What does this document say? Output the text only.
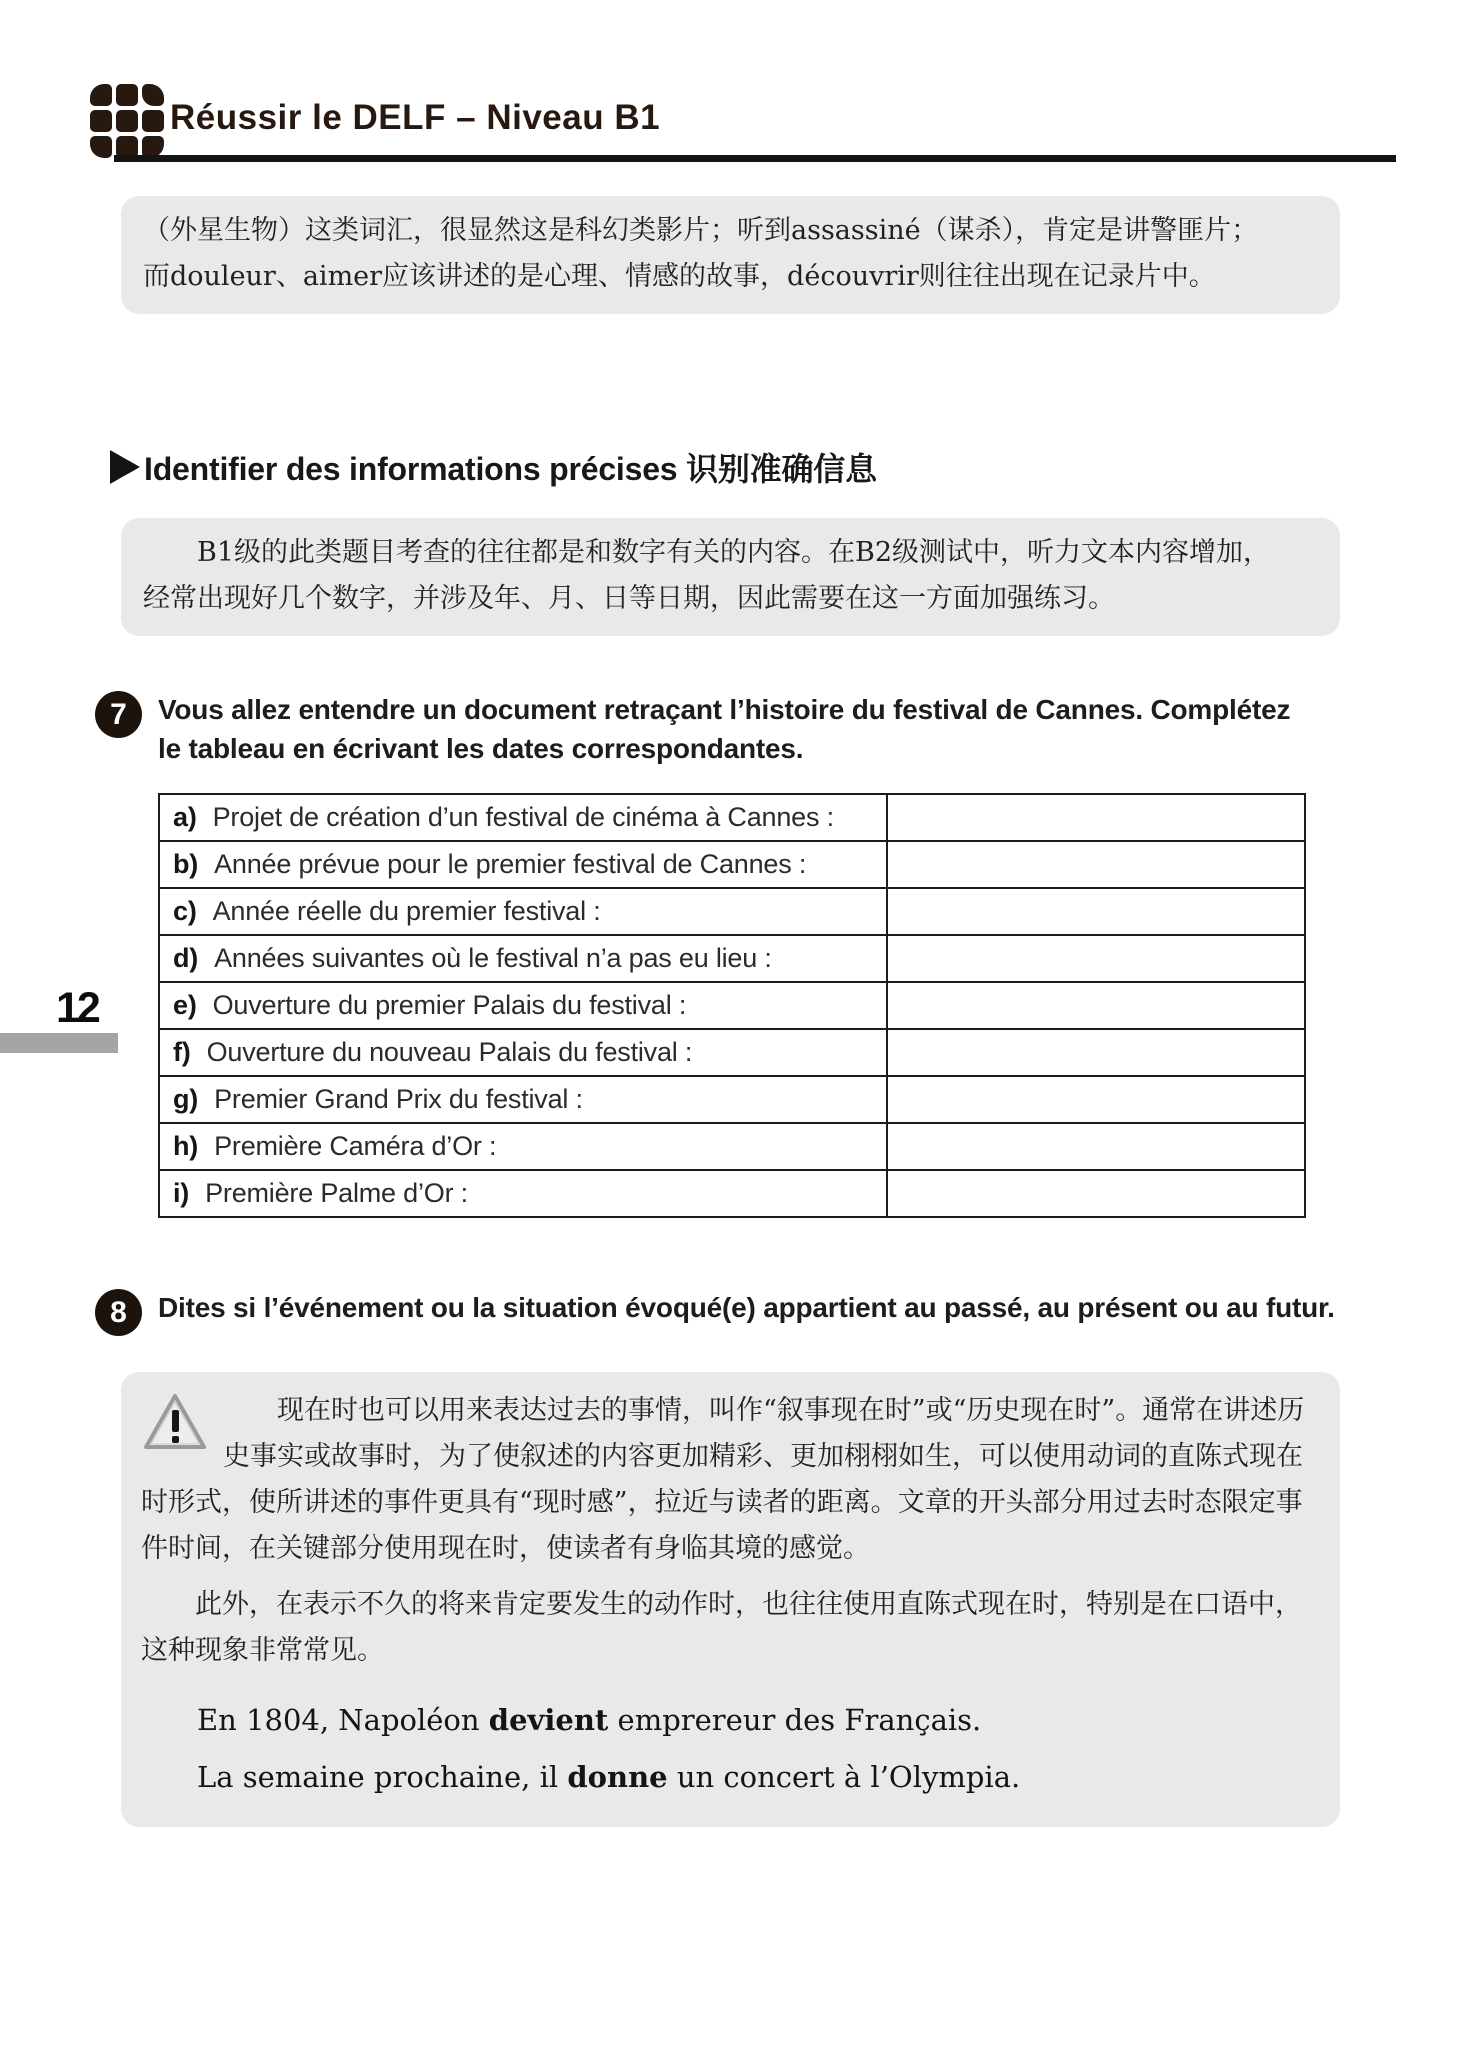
Réussir le DELF – Niveau B1
（外星生物）这类词汇，很显然这是科幻类影片；听到assassiné（谋杀），肯定是讲警匪片；
而douleur、aimer应该讲述的是心理、情感的故事，découvrir则往往出现在记录片中。
Identifier des informations précises 识别准确信息
B1级的此类题目考查的往往都是和数字有关的内容。在B2级测试中，听力文本内容增加，
经常出现好几个数字，并涉及年、月、日等日期，因此需要在这一方面加强练习。
7	Vous allez entendre un document retraçant l’histoire du festival de Cannes. Complétez le tableau en écrivant les dates correspondantes.
a) Projet de création d’un festival de cinéma à Cannes :	
b) Année prévue pour le premier festival de Cannes :	
c) Année réelle du premier festival :	
d) Années suivantes où le festival n’a pas eu lieu :	
e) Ouverture du premier Palais du festival :	
f) Ouverture du nouveau Palais du festival :	
g) Premier Grand Prix du festival :	
h) Première Caméra d’Or :	
i) Première Palme d’Or :	
12
8	Dites si l’événement ou la situation évoqué(e) appartient au passé, au présent ou au futur.

现在时也可以用来表达过去的事情，叫作“叙事现在时”或“历史现在时”。通常在讲述历史事实或故事时，为了使叙述的内容更加精彩、更加栩栩如生，可以使用动词的直陈式现在时形式，使所讲述的事件更具有“现时感”，拉近与读者的距离。文章的开头部分用过去时态限定事件时间，在关键部分使用现在时，使读者有身临其境的感觉。

此外，在表示不久的将来肯定要发生的动作时，也往往使用直陈式现在时，特别是在口语中，这种现象非常常见。

En 1804, Napoléon devient emprereur des Français.
La semaine prochaine, il donne un concert à l’Olympia.
